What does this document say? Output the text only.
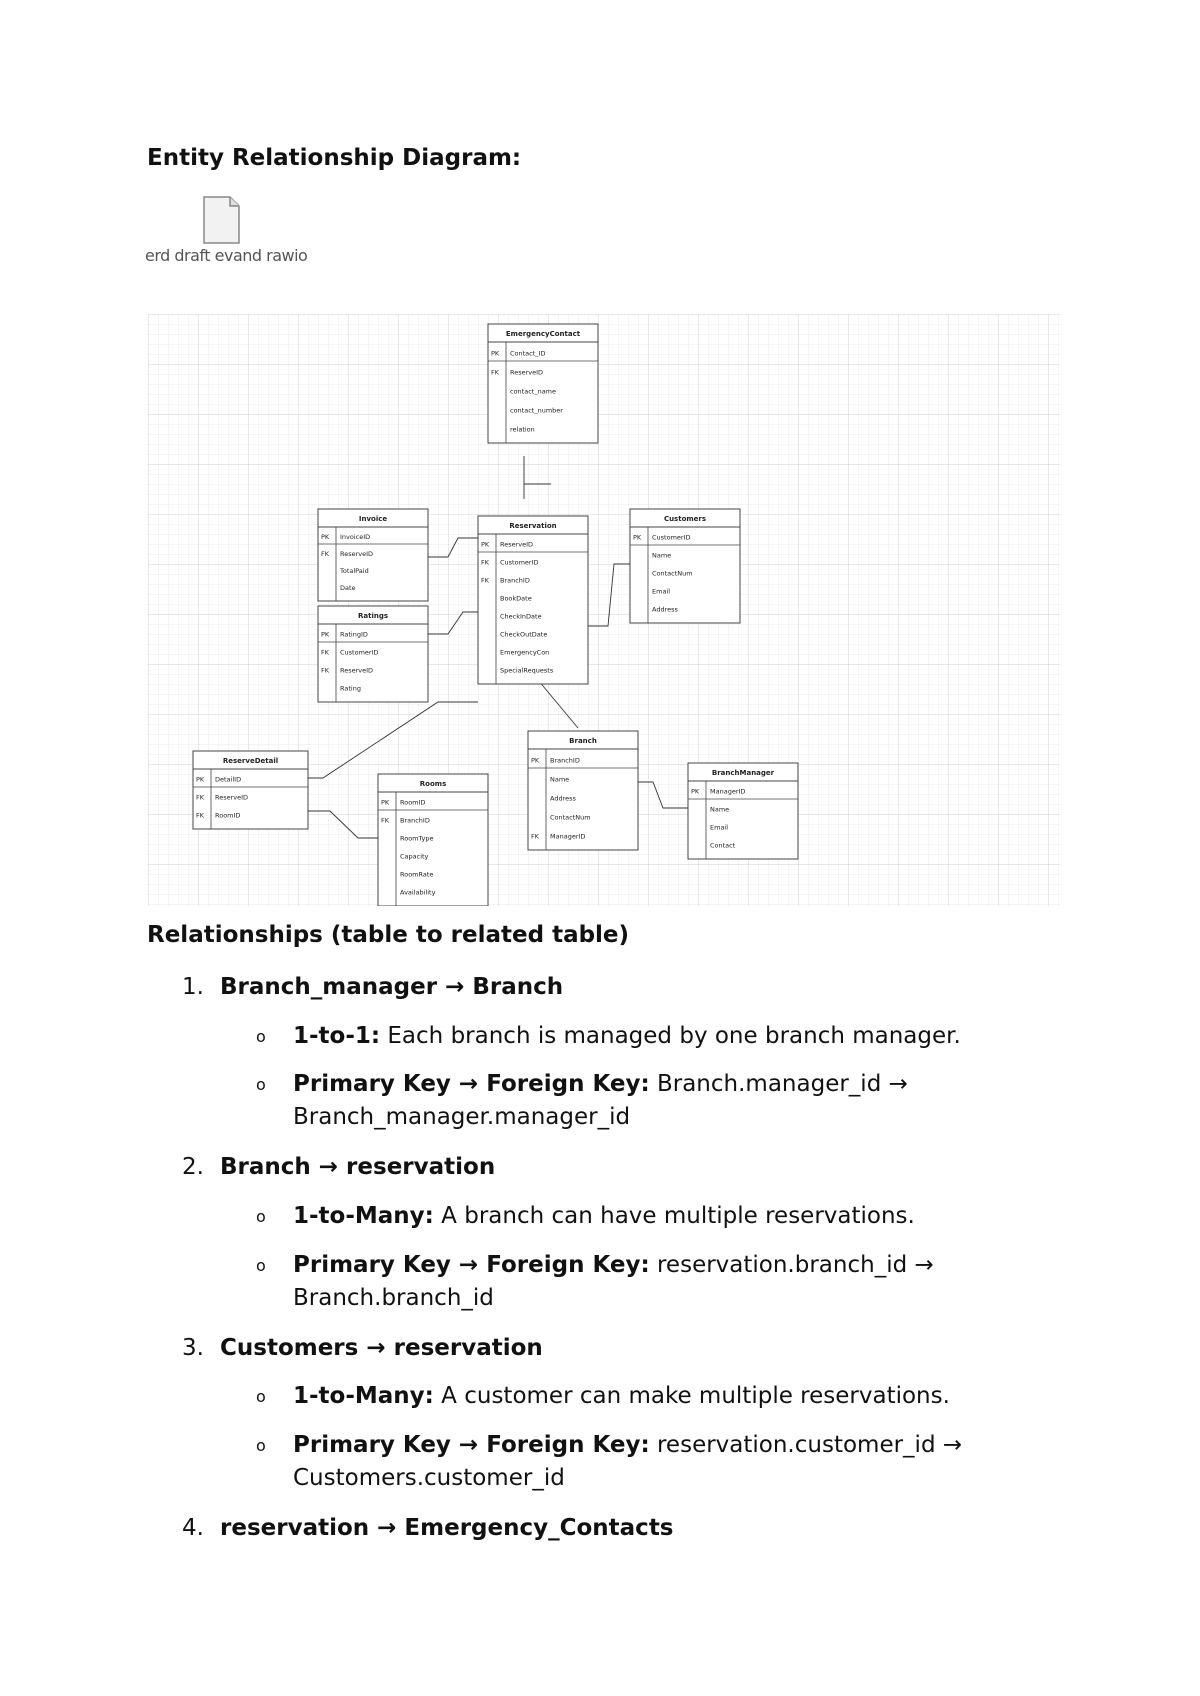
Entity Relationship Diagram:
erd draft evand rawio
EmergencyContact
PK Contact_ID
FK ReserveID
contact_name
contact_number
relation
Invoice
PK InvoiceID
FK ReserveID
TotalPaid
Date
Reservation
PK ReserveID
FK CustomerID
FK BranchID
BookDate
CheckInDate
CheckOutDate
EmergencyCon
SpecialRequests
Customers
PK CustomerID
Name
ContactNum
Email
Address
Ratings
PK RatingID
FK CustomerID
FK ReserveID
Rating
ReserveDetail
PK DetailID
FK ReserveID
FK RoomID
Rooms
PK RoomID
FK BranchID
RoomType
Capacity
RoomRate
Availability
Branch
PK BranchID
Name
Address
ContactNum
FK ManagerID
BranchManager
PK ManagerID
Name
Email
Contact
Relationships (table to related table)
1. Branch_manager → Branch
o 1-to-1: Each branch is managed by one branch manager.
o Primary Key → Foreign Key: Branch.manager_id → Branch_manager.manager_id
2. Branch → reservation
o 1-to-Many: A branch can have multiple reservations.
o Primary Key → Foreign Key: reservation.branch_id → Branch.branch_id
3. Customers → reservation
o 1-to-Many: A customer can make multiple reservations.
o Primary Key → Foreign Key: reservation.customer_id → Customers.customer_id
4. reservation → Emergency_Contacts
